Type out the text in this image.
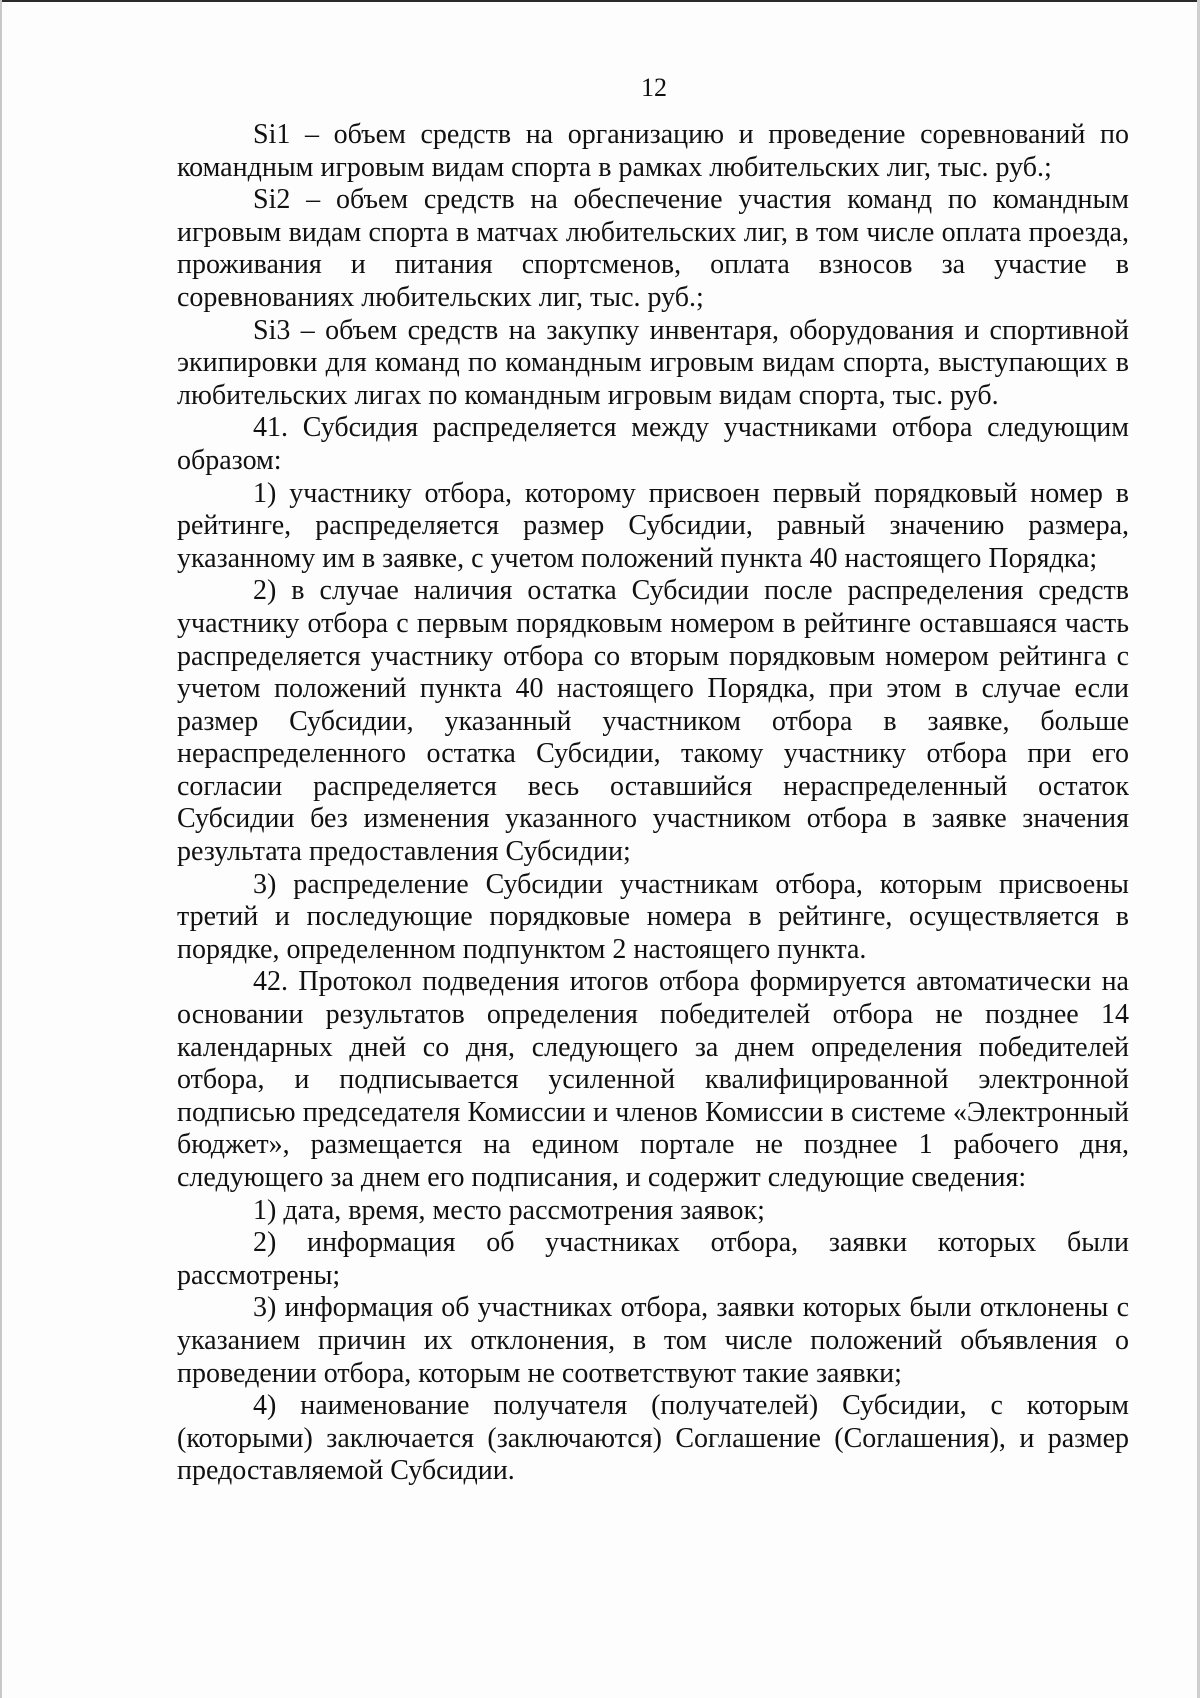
12

Si1 – объем средств на организацию и проведение соревнований по командным игровым видам спорта в рамках любительских лиг, тыс. руб.;

Si2 – объем средств на обеспечение участия команд по командным игровым видам спорта в матчах любительских лиг, в том числе оплата проезда, проживания и питания спортсменов, оплата взносов за участие в соревнованиях любительских лиг, тыс. руб.;

Si3 – объем средств на закупку инвентаря, оборудования и спортивной экипировки для команд по командным игровым видам спорта, выступающих в любительских лигах по командным игровым видам спорта, тыс. руб.

41. Субсидия распределяется между участниками отбора следующим образом:

1) участнику отбора, которому присвоен первый порядковый номер в рейтинге, распределяется размер Субсидии, равный значению размера, указанному им в заявке, с учетом положений пункта 40 настоящего Порядка;

2) в случае наличия остатка Субсидии после распределения средств участнику отбора с первым порядковым номером в рейтинге оставшаяся часть распределяется участнику отбора со вторым порядковым номером рейтинга с учетом положений пункта 40 настоящего Порядка, при этом в случае если размер Субсидии, указанный участником отбора в заявке, больше нераспределенного остатка Субсидии, такому участнику отбора при его согласии распределяется весь оставшийся нераспределенный остаток Субсидии без изменения указанного участником отбора в заявке значения результата предоставления Субсидии;

3) распределение Субсидии участникам отбора, которым присвоены третий и последующие порядковые номера в рейтинге, осуществляется в порядке, определенном подпунктом 2 настоящего пункта.

42. Протокол подведения итогов отбора формируется автоматически на основании результатов определения победителей отбора не позднее 14 календарных дней со дня, следующего за днем определения победителей отбора, и подписывается усиленной квалифицированной электронной подписью председателя Комиссии и членов Комиссии в системе «Электронный бюджет», размещается на едином портале не позднее 1 рабочего дня, следующего за днем его подписания, и содержит следующие сведения:

1) дата, время, место рассмотрения заявок;

2) информация об участниках отбора, заявки которых были рассмотрены;

3) информация об участниках отбора, заявки которых были отклонены с указанием причин их отклонения, в том числе положений объявления о проведении отбора, которым не соответствуют такие заявки;

4) наименование получателя (получателей) Субсидии, с которым (которыми) заключается (заключаются) Соглашение (Соглашения), и размер предоставляемой Субсидии.
